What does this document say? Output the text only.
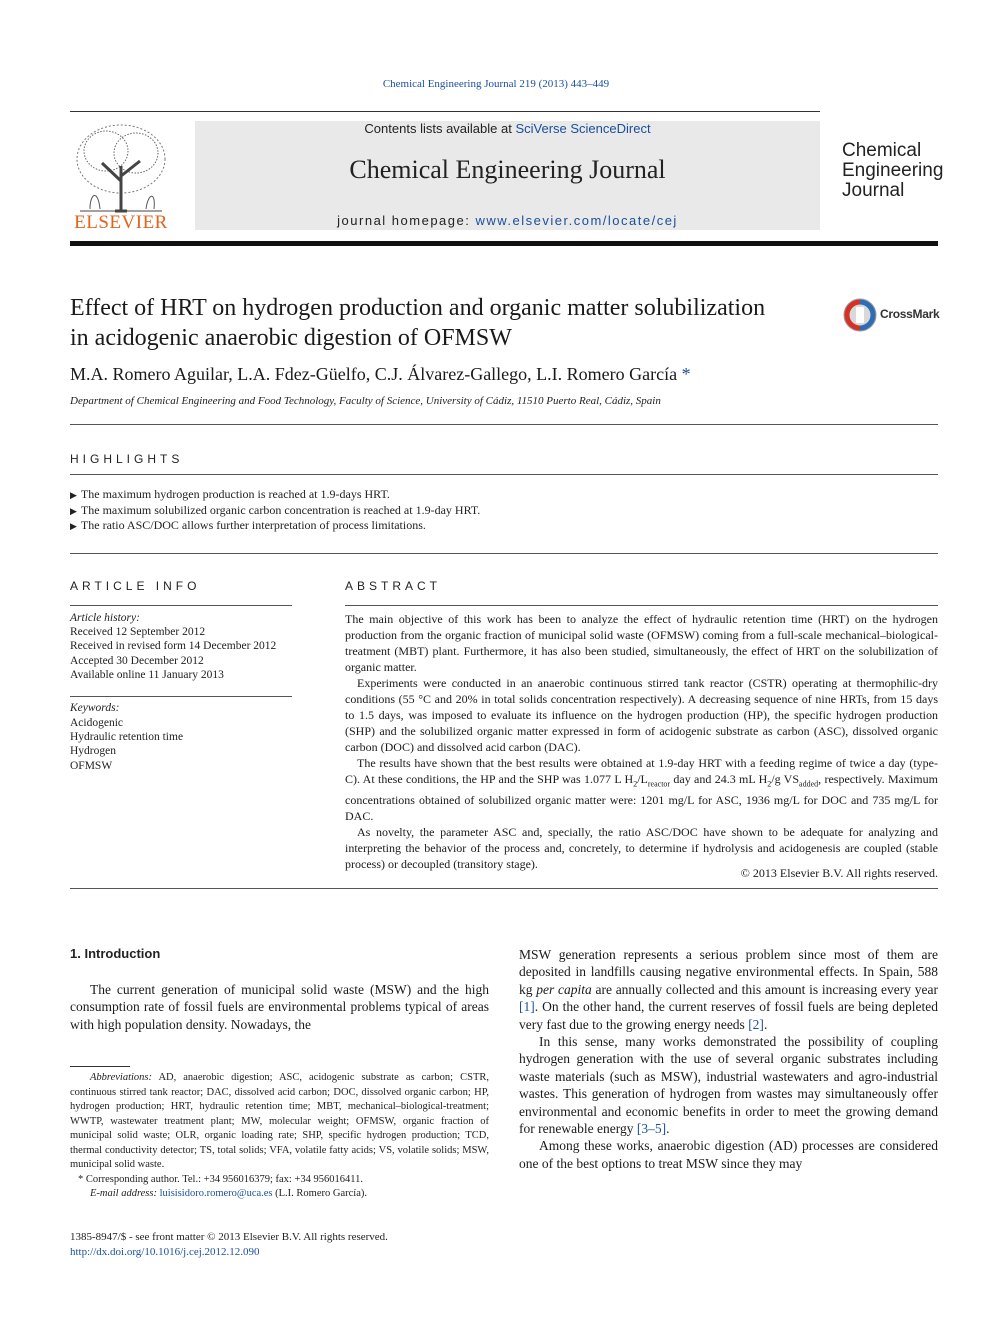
Chemical Engineering Journal 219 (2013) 443–449
ELSEVIER
Contents lists available at SciVerse ScienceDirect
Chemical Engineering Journal
journal homepage: www.elsevier.com/locate/cej
Chemical
Engineering
Journal
Effect of HRT on hydrogen production and organic matter solubilization
in acidogenic anaerobic digestion of OFMSW
CrossMark
M.A. Romero Aguilar, L.A. Fdez-Güelfo, C.J. Álvarez-Gallego, L.I. Romero García *
Department of Chemical Engineering and Food Technology, Faculty of Science, University of Cádiz, 11510 Puerto Real, Cádiz, Spain
HIGHLIGHTS
▶ The maximum hydrogen production is reached at 1.9-days HRT.
▶ The maximum solubilized organic carbon concentration is reached at 1.9-day HRT.
▶ The ratio ASC/DOC allows further interpretation of process limitations.
ARTICLE INFO
Article history:
Received 12 September 2012
Received in revised form 14 December 2012
Accepted 30 December 2012
Available online 11 January 2013
Keywords:
Acidogenic
Hydraulic retention time
Hydrogen
OFMSW
ABSTRACT

The main objective of this work has been to analyze the effect of hydraulic retention time (HRT) on the hydrogen production from the organic fraction of municipal solid waste (OFMSW) coming from a full-scale mechanical–biological-treatment (MBT) plant. Furthermore, it has also been studied, simultaneously, the effect of HRT on the solubilization of organic matter.

Experiments were conducted in an anaerobic continuous stirred tank reactor (CSTR) operating at thermophilic-dry conditions (55 °C and 20% in total solids concentration respectively). A decreasing sequence of nine HRTs, from 15 days to 1.5 days, was imposed to evaluate its influence on the hydrogen production (HP), the specific hydrogen production (SHP) and the solubilized organic matter expressed in form of acidogenic substrate as carbon (ASC), dissolved organic carbon (DOC) and dissolved acid carbon (DAC).

The results have shown that the best results were obtained at 1.9-day HRT with a feeding regime of twice a day (type-C). At these conditions, the HP and the SHP was 1.077 L $H_2/L_{reactor}$ day and 24.3 mL $H_2/g$ $VS_{added}$, respectively. Maximum concentrations obtained of solubilized organic matter were: 1201 mg/L for ASC, 1936 mg/L for DOC and 735 mg/L for DAC.

As novelty, the parameter ASC and, specially, the ratio ASC/DOC have shown to be adequate for analyzing and interpreting the behavior of the process and, concretely, to determine if hydrolysis and acidogenesis are coupled (stable process) or decoupled (transitory stage).

© 2013 Elsevier B.V. All rights reserved.
1. Introduction

The current generation of municipal solid waste (MSW) and the high consumption rate of fossil fuels are environmental problems typical of areas with high population density. Nowadays, the

Abbreviations: AD, anaerobic digestion; ASC, acidogenic substrate as carbon; CSTR, continuous stirred tank reactor; DAC, dissolved acid carbon; DOC, dissolved organic carbon; HP, hydrogen production; HRT, hydraulic retention time; MBT, mechanical–biological-treatment; WWTP, wastewater treatment plant; MW, molecular weight; OFMSW, organic fraction of municipal solid waste; OLR, organic loading rate; SHP, specific hydrogen production; TCD, thermal conductivity detector; TS, total solids; VFA, volatile fatty acids; VS, volatile solids; MSW, municipal solid waste.

* Corresponding author. Tel.: +34 956016379; fax: +34 956016411.

E-mail address: luisisidoro.romero@uca.es (L.I. Romero García).

1385-8947/$ - see front matter © 2013 Elsevier B.V. All rights reserved.
http://dx.doi.org/10.1016/j.cej.2012.12.090

MSW generation represents a serious problem since most of them are deposited in landfills causing negative environmental effects. In Spain, 588 kg per capita are annually collected and this amount is increasing every year [1]. On the other hand, the current reserves of fossil fuels are being depleted very fast due to the growing energy needs [2].

In this sense, many works demonstrated the possibility of coupling hydrogen generation with the use of several organic substrates including waste materials (such as MSW), industrial wastewaters and agro-industrial wastes. This generation of hydrogen from wastes may simultaneously offer environmental and economic benefits in order to meet the growing demand for renewable energy [3–5].

Among these works, anaerobic digestion (AD) processes are considered one of the best options to treat MSW since they may
